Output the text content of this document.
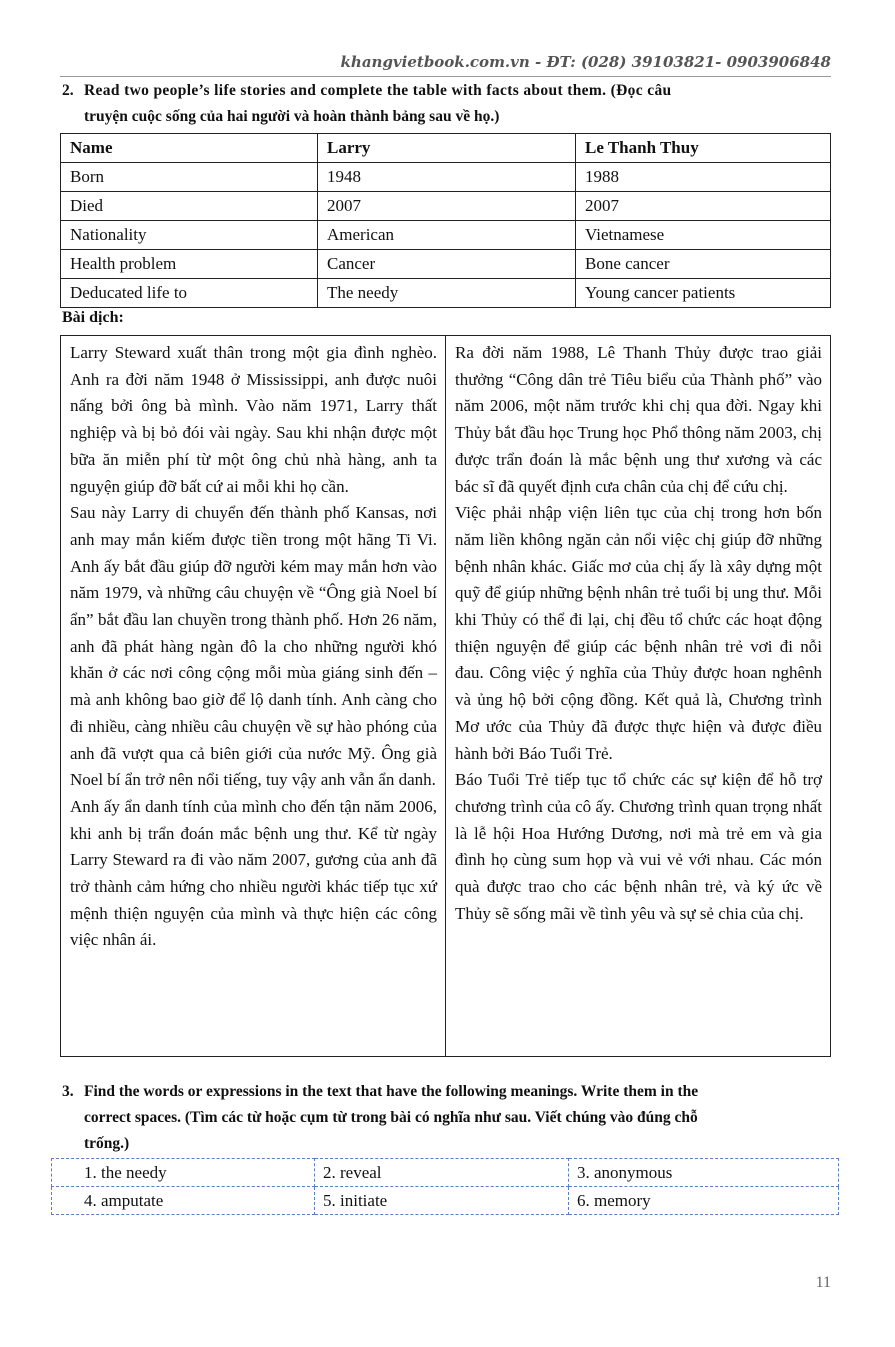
khangvietbook.com.vn - ĐT: (028) 39103821- 0903906848
2. Read two people’s life stories and complete the table with facts about them. (Đọc câu
truyện cuộc sống của hai người và hoàn thành bảng sau về họ.)
Name	Larry	Le Thanh Thuy
Born	1948	1988
Died	2007	2007
Nationality	American	Vietnamese
Health problem	Cancer	Bone cancer
Deducated life to	The needy	Young cancer patients
Bài dịch:

Larry Steward xuất thân trong một gia đình nghèo. Anh ra đời năm 1948 ở Mississippi, anh được nuôi nấng bởi ông bà mình. Vào năm 1971, Larry thất nghiệp và bị bỏ đói vài ngày. Sau khi nhận được một bữa ăn miễn phí từ một ông chủ nhà hàng, anh ta nguyện giúp đỡ bất cứ ai mỗi khi họ cần.

Sau này Larry di chuyển đến thành phố Kansas, nơi anh may mắn kiếm được tiền trong một hãng Ti Vi. Anh ấy bắt đầu giúp đỡ người kém may mắn hơn vào năm 1979, và những câu chuyện về “Ông già Noel bí ẩn” bắt đầu lan chuyền trong thành phố. Hơn 26 năm, anh đã phát hàng ngàn đô la cho những người khó khăn ở các nơi công cộng mỗi mùa giáng sinh đến – mà anh không bao giờ để lộ danh tính. Anh càng cho đi nhiều, càng nhiều câu chuyện về sự hào phóng của anh đã vượt qua cả biên giới của nước Mỹ. Ông già Noel bí ẩn trở nên nổi tiếng, tuy vậy anh vẫn ẩn danh.

Anh ấy ẩn danh tính của mình cho đến tận năm 2006, khi anh bị trẩn đoán mắc bệnh ung thư. Kể từ ngày Larry Steward ra đi vào năm 2007, gương của anh đã trở thành cảm hứng cho nhiều người khác tiếp tục xứ mệnh thiện nguyện của mình và thực hiện các công việc nhân ái.

Ra đời năm 1988, Lê Thanh Thủy được trao giải thưởng “Công dân trẻ Tiêu biểu của Thành phố” vào năm 2006, một năm trước khi chị qua đời. Ngay khi Thủy bắt đầu học Trung học Phổ thông năm 2003, chị được trẩn đoán là mắc bệnh ung thư xương và các bác sĩ đã quyết định cưa chân của chị để cứu chị.

Việc phải nhập viện liên tục của chị trong hơn bốn năm liền không ngăn cản nổi việc chị giúp đỡ những bệnh nhân khác. Giấc mơ của chị ấy là xây dựng một quỹ để giúp những bệnh nhân trẻ tuổi bị ung thư. Mỗi khi Thủy có thể đi lại, chị đều tổ chức các hoạt động thiện nguyện để giúp các bệnh nhân trẻ vơi đi nỗi đau. Công việc ý nghĩa của Thủy được hoan nghênh và ủng hộ bởi cộng đồng. Kết quả là, Chương trình Mơ ước của Thủy đã được thực hiện và được điều hành bởi Báo Tuổi Trẻ.

Báo Tuổi Trẻ tiếp tục tổ chức các sự kiện để hỗ trợ chương trình của cô ấy. Chương trình quan trọng nhất là lễ hội Hoa Hướng Dương, nơi mà trẻ em và gia đình họ cùng sum họp và vui vẻ với nhau. Các món quà được trao cho các bệnh nhân trẻ, và ký ức về Thủy sẽ sống mãi về tình yêu và sự sẻ chia của chị.

3. Find the words or expressions in the text that have the following meanings. Write them in the
correct spaces. (Tìm các từ hoặc cụm từ trong bài có nghĩa như sau. Viết chúng vào đúng chỗ
trống.)
1. the needy	2. reveal	3. anonymous
4. amputate	5. initiate	6. memory
11
